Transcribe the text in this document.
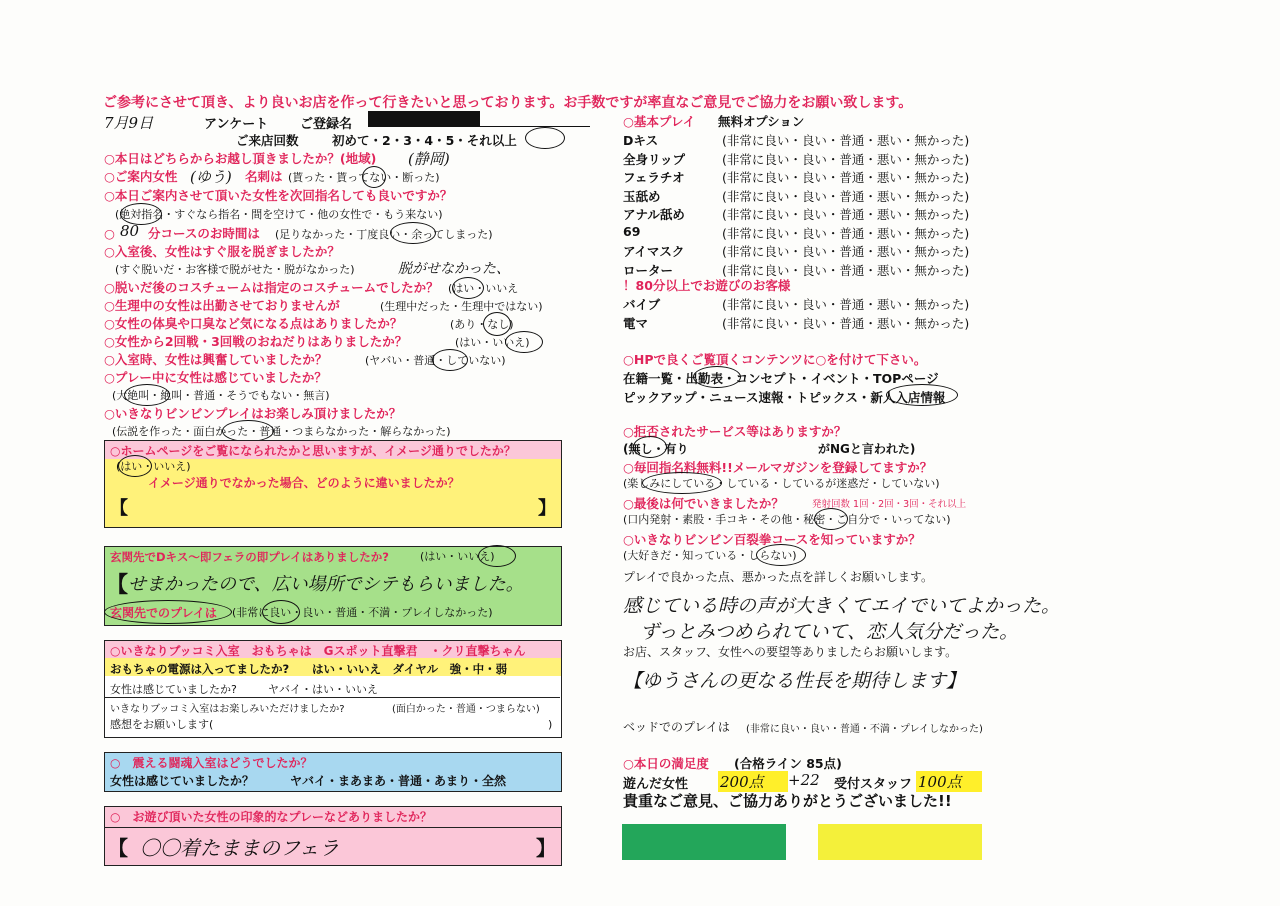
ご参考にさせて頂き、より良いお店を作って行きたいと思っております。お手数ですが率直なご意見でご協力をお願い致します。
7月9日	アンケート ご登録名
ご来店回数	初めて・2・3・4・5・それ以上
○本日はどちらからお越し頂きましたか？(地域) (静岡)
○ご案内女性 (ゆう) 名刺は (貰った・貰ってない・断った)
○本日ご案内させて頂いた女性を次回指名しても良いですか？
(絶対指名・すぐなら指名・間を空けて・他の女性で・もう来ない)
○ 80 分コースのお時間は (足りなかった・丁度良い・余ってしまった)
○入室後、女性はすぐ服を脱ぎましたか？
(すぐ脱いだ・お客様で脱がせた・脱がなかった)	脱がせなかった、
○脱いだ後のコスチュームは指定のコスチュームでしたか？ (はい・いいえ
○生理中の女性は出勤させておりませんが	(生理中だった・生理中ではない)
○女性の体臭や口臭など気になる点はありましたか？	(あり・なし)
○女性から2回戦・3回戦のおねだりはありましたか？	(はい・いいえ)
○入室時、女性は興奮していましたか？	(ヤバい・普通・していない)
○プレー中に女性は感じていましたか？
(大絶叫・絶叫・普通・そうでもない・無言)
○いきなりビンビンプレイはお楽しみ頂けましたか？
(伝説を作った・面白かった・普通・つまらなかった・解らなかった)
○ホームページをご覧になられたかと思いますが、イメージ通りでしたか？
(はい・いいえ)
イメージ通りでなかった場合、どのように違いましたか？
【	】
玄関先でDキス～即フェラの即プレイはありましたか?	(はい・いいえ)
【 せまかったので、広い場所でシテもらいました。
玄関先でのプレイは (非常に良い・良い・普通・不満・プレイしなかった)
○いきなりブッコミ入室　おもちゃは　Gスポット直撃君　・クリ直撃ちゃん
おもちゃの電源は入ってましたか? はい・いいえ　ダイヤル　強・中・弱
女性は感じていましたか?	ヤバイ・はい・いいえ
いきなりブッコミ入室はお楽しみいただけましたか?	(面白かった・普通・つまらない)
感想をお願いします(	)
○　震える闘魂入室はどうでしたか？
女性は感じていましたか？	ヤバイ・まあまあ・普通・あまり・全然
○　お遊び頂いた女性の印象的なプレーなどありましたか？
【 〇〇着たままのフェラ	】
○基本プレイ 無料オプション
Dキス	(非常に良い・良い・普通・悪い・無かった)
全身リップ	(非常に良い・良い・普通・悪い・無かった)
フェラチオ	(非常に良い・良い・普通・悪い・無かった)
玉舐め	(非常に良い・良い・普通・悪い・無かった)
アナル舐め	(非常に良い・良い・普通・悪い・無かった)
69	(非常に良い・良い・普通・悪い・無かった)
アイマスク	(非常に良い・良い・普通・悪い・無かった)
ローター	(非常に良い・良い・普通・悪い・無かった)
！80分以上でお遊びのお客様
バイブ	(非常に良い・良い・普通・悪い・無かった)
電マ	(非常に良い・良い・普通・悪い・無かった)
○HPで良くご覧頂くコンテンツに○を付けて下さい。
在籍一覧・出勤表・コンセプト・イベント・TOPページ
ピックアップ・ニュース速報・トピックス・新人入店情報
○拒否されたサービス等はありますか？
(無し・有り	がNGと言われた)
○毎回指名料無料!!メールマガジンを登録してますか？
(楽しみにしている・している・しているが迷惑だ・していない)
○最後は何でいきましたか？	発射回数 1回・2回・3回・それ以上
(口内発射・素股・手コキ・その他・秘密・ご自分で・いってない)
○いきなりビンビン百裂拳コースを知っていますか？
(大好きだ・知っている・しらない)
プレイで良かった点、悪かった点を詳しくお願いします。
感じている時の声が大きくてエイでいてよかった。
ずっとみつめられていて、恋人気分だった。
お店、スタッフ、女性への要望等ありましたらお願いします。
【ゆうさんの更なる性長を期待します】
ベッドでのプレイは (非常に良い・良い・普通・不満・プレイしなかった)
○本日の満足度 (合格ライン 85点)
遊んだ女性 200点	+22 受付スタッフ 100点
貴重なご意見、ご協力ありがとうございました!!
